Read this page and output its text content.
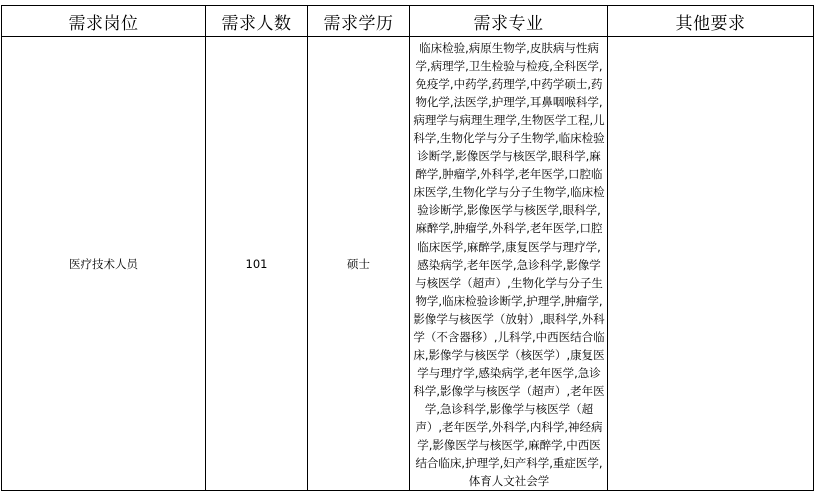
需求岗位	需求人数	需求学历	需求专业	其他要求
医疗技术人员	101	硕士	临床检验,病原生物学,皮肤病与性病学,病理学,卫生检验与检疫,全科医学,免疫学,中药学,药理学,中药学硕士,药物化学,法医学,护理学,耳鼻咽喉科学,病理学与病理生理学,生物医学工程,儿科学,生物化学与分子生物学,临床检验诊断学,影像医学与核医学,眼科学,麻醉学,肿瘤学,外科学,老年医学,口腔临床医学,生物化学与分子生物学,临床检验诊断学,影像医学与核医学,眼科学,麻醉学,肿瘤学,外科学,老年医学,口腔临床医学,麻醉学,康复医学与理疗学,感染病学,老年医学,急诊科学,影像学与核医学（超声）,生物化学与分子生物学,临床检验诊断学,护理学,肿瘤学,影像学与核医学（放射）,眼科学,外科学（不含器移）,儿科学,中西医结合临床,影像学与核医学（核医学）,康复医学与理疗学,感染病学,老年医学,急诊科学,影像学与核医学（超声）,老年医学,急诊科学,影像学与核医学（超声）,老年医学,外科学,内科学,神经病学,影像医学与核医学,麻醉学,中西医结合临床,护理学,妇产科学,重症医学,体育人文社会学	
